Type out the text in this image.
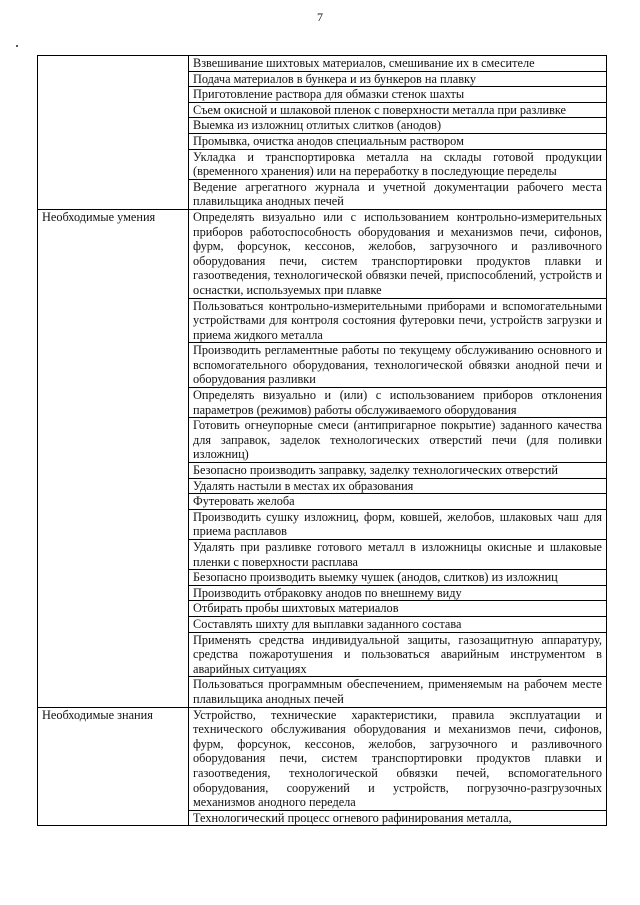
7
	Взвешивание шихтовых материалов, смешивание их в смесителе
	Подача материалов в бункера и из бункеров на плавку
	Приготовление раствора для обмазки стенок шахты
	Съем окисной и шлаковой пленок с поверхности металла при разливке
	Выемка из изложниц отлитых слитков (анодов)
	Промывка, очистка анодов специальным раствором
	Укладка и транспортировка металла на склады готовой продукции (временного хранения) или на переработку в последующие переделы
	Ведение агрегатного журнала и учетной документации рабочего места плавильщика анодных печей
Необходимые умения	Определять визуально или с использованием контрольно-измерительных приборов работоспособность оборудования и механизмов печи, сифонов, фурм, форсунок, кессонов, желобов, загрузочного и разливочного оборудования печи, систем транспортировки продуктов плавки и газоотведения, технологической обвязки печей, приспособлений, устройств и оснастки, используемых при плавке
	Пользоваться контрольно-измерительными приборами и вспомогательными устройствами для контроля состояния футеровки печи, устройств загрузки и приема жидкого металла
	Производить регламентные работы по текущему обслуживанию основного и вспомогательного оборудования, технологической обвязки анодной печи и оборудования разливки
	Определять визуально и (или) с использованием приборов отклонения параметров (режимов) работы обслуживаемого оборудования
	Готовить огнеупорные смеси (антипригарное покрытие) заданного качества для заправок, заделок технологических отверстий печи (для поливки изложниц)
	Безопасно производить заправку, заделку технологических отверстий
	Удалять настыли в местах их образования
	Футеровать желоба
	Производить сушку изложниц, форм, ковшей, желобов, шлаковых чаш для приема расплавов
	Удалять при разливке готового металл в изложницы окисные и шлаковые пленки с поверхности расплава
	Безопасно производить выемку чушек (анодов, слитков) из изложниц
	Производить отбраковку анодов по внешнему виду
	Отбирать пробы шихтовых материалов
	Составлять шихту для выплавки заданного состава
	Применять средства индивидуальной защиты, газозащитную аппаратуру, средства пожаротушения и пользоваться аварийным инструментом в аварийных ситуациях
	Пользоваться программным обеспечением, применяемым на рабочем месте плавильщика анодных печей
Необходимые знания	Устройство, технические характеристики, правила эксплуатации и технического обслуживания оборудования и механизмов печи, сифонов, фурм, форсунок, кессонов, желобов, загрузочного и разливочного оборудования печи, систем транспортировки продуктов плавки и газоотведения, технологической обвязки печей, вспомогательного оборудования, сооружений и устройств, погрузочно-разгрузочных механизмов анодного передела
	Технологический процесс огневого рафинирования металла,
